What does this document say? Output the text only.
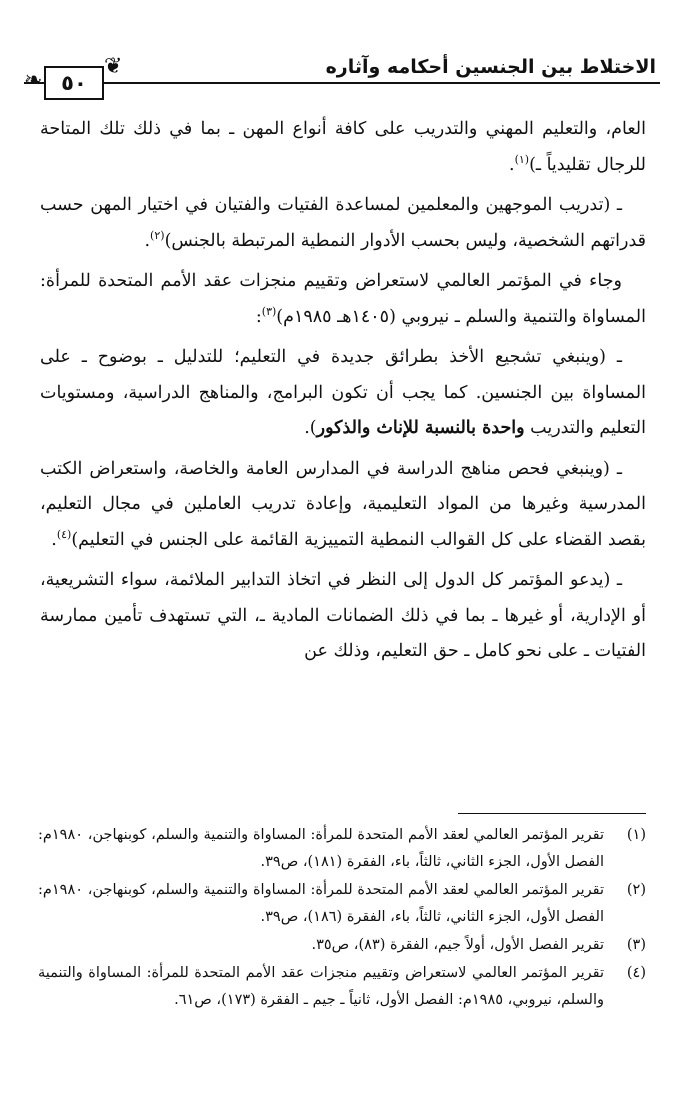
الاختلاط بين الجنسين أحكامه وآثاره
❧ ٥٠
❦

العام، والتعليم المهني والتدريب على كافة أنواع المهن ـ بما في ذلك تلك المتاحة للرجال تقليدياً ـ)$^{(١)}$.

ـ (تدريب الموجهين والمعلمين لمساعدة الفتيات والفتيان في اختيار المهن حسب قدراتهم الشخصية، وليس بحسب الأدوار النمطية المرتبطة بالجنس)$^{(٢)}$.

وجاء في المؤتمر العالمي لاستعراض وتقييم منجزات عقد الأمم المتحدة للمرأة: المساواة والتنمية والسلم ـ نيروبي (١٤٠٥هـ ١٩٨٥م)$^{(٣)}$:

ـ (وينبغي تشجيع الأخذ بطرائق جديدة في التعليم؛ للتدليل ـ بوضوح ـ على المساواة بين الجنسين. كما يجب أن تكون البرامج، والمناهج الدراسية، ومستويات التعليم والتدريب واحدة بالنسبة للإناث والذكور).

ـ (وينبغي فحص مناهج الدراسة في المدارس العامة والخاصة، واستعراض الكتب المدرسية وغيرها من المواد التعليمية، وإعادة تدريب العاملين في مجال التعليم، بقصد القضاء على كل القوالب النمطية التمييزية القائمة على الجنس في التعليم)$^{(٤)}$.

ـ (يدعو المؤتمر كل الدول إلى النظر في اتخاذ التدابير الملائمة، سواء التشريعية، أو الإدارية، أو غيرها ـ بما في ذلك الضمانات المادية ـ، التي تستهدف تأمين ممارسة الفتيات ـ على نحو كامل ـ حق التعليم، وذلك عن

(١)
تقرير المؤتمر العالمي لعقد الأمم المتحدة للمرأة: المساواة والتنمية والسلم، كوبنهاجن، ١٩٨٠م: الفصل الأول، الجزء الثاني، ثالثاً، باء، الفقرة (١٨١)، ص٣٩.
(٢)
تقرير المؤتمر العالمي لعقد الأمم المتحدة للمرأة: المساواة والتنمية والسلم، كوبنهاجن، ١٩٨٠م: الفصل الأول، الجزء الثاني، ثالثاً، باء، الفقرة (١٨٦)، ص٣٩.
(٣)
تقرير الفصل الأول، أولاً جيم، الفقرة (٨٣)، ص٣٥.
(٤)
تقرير المؤتمر العالمي لاستعراض وتقييم منجزات عقد الأمم المتحدة للمرأة: المساواة والتنمية والسلم، نيروبي، ١٩٨٥م: الفصل الأول، ثانياً ـ جيم ـ الفقرة (١٧٣)، ص٦١.
